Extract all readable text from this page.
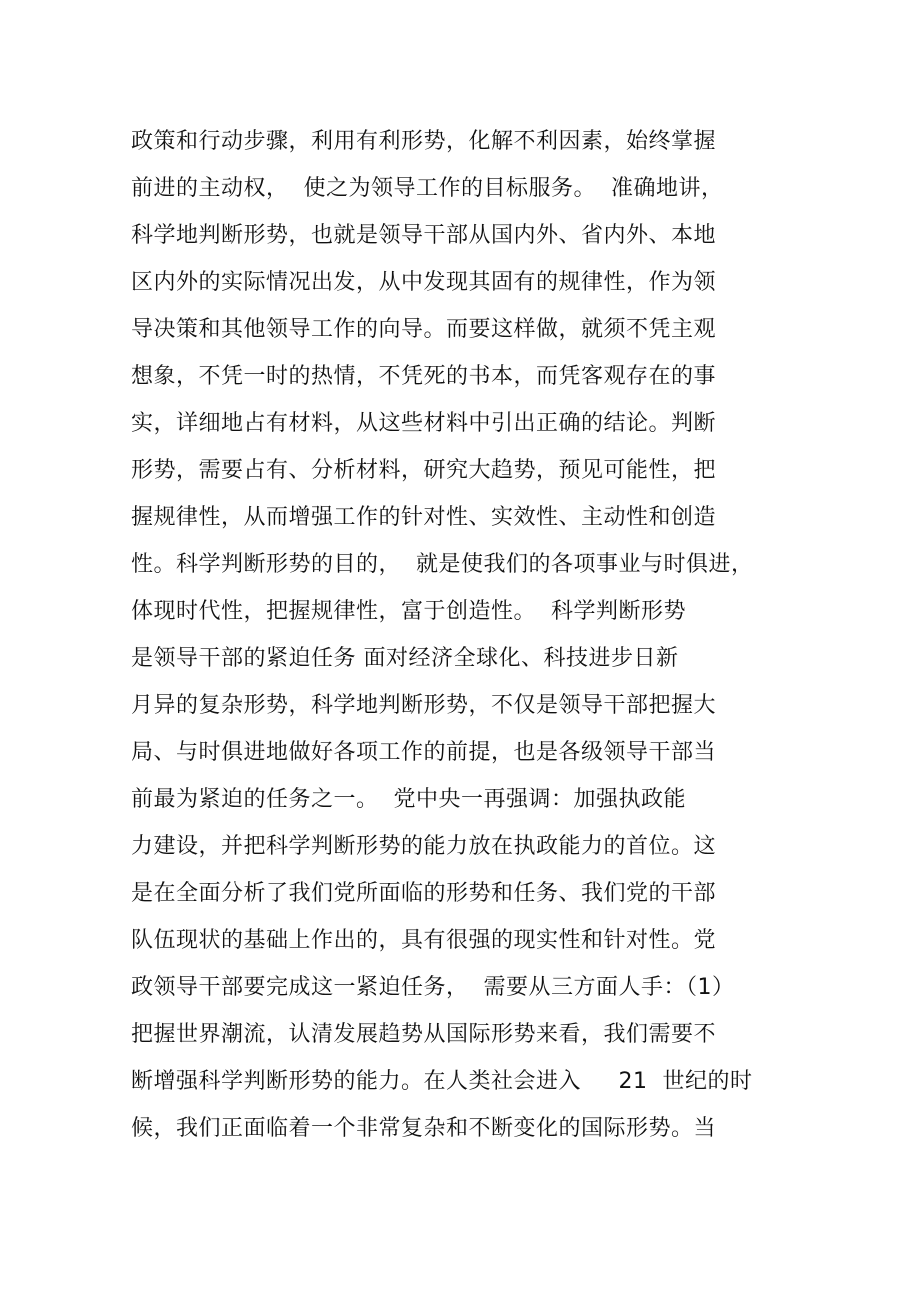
政策和行动步骤，利用有利形势，化解不利因素，始终掌握
前进的主动权，  使之为领导工作的目标服务。  准确地讲，
科学地判断形势，也就是领导干部从国内外、省内外、本地
区内外的实际情况出发，从中发现其固有的规律性，作为领
导决策和其他领导工作的向导。而要这样做，就须不凭主观
想象，不凭一时的热情，不凭死的书本，而凭客观存在的事
实，详细地占有材料，从这些材料中引出正确的结论。判断
形势，需要占有、分析材料，研究大趋势，预见可能性，把
握规律性，从而增强工作的针对性、实效性、主动性和创造
性。科学判断形势的目的，  就是使我们的各项事业与时俱进，
体现时代性，把握规律性，富于创造性。  科学判断形势
是领导干部的紧迫任务 面对经济全球化、科技进步日新
月异的复杂形势，科学地判断形势，不仅是领导干部把握大
局、与时俱进地做好各项工作的前提，也是各级领导干部当
前最为紧迫的任务之一。  党中央一再强调：加强执政能
力建设，并把科学判断形势的能力放在执政能力的首位。这
是在全面分析了我们党所面临的形势和任务、我们党的干部
队伍现状的基础上作出的，具有很强的现实性和针对性。党
政领导干部要完成这一紧迫任务，  需要从三方面人手：（1）
把握世界潮流，认清发展趋势从国际形势来看，我们需要不
断增强科学判断形势的能力。在人类社会进入     21  世纪的时
候，我们正面临着一个非常复杂和不断变化的国际形势。当
